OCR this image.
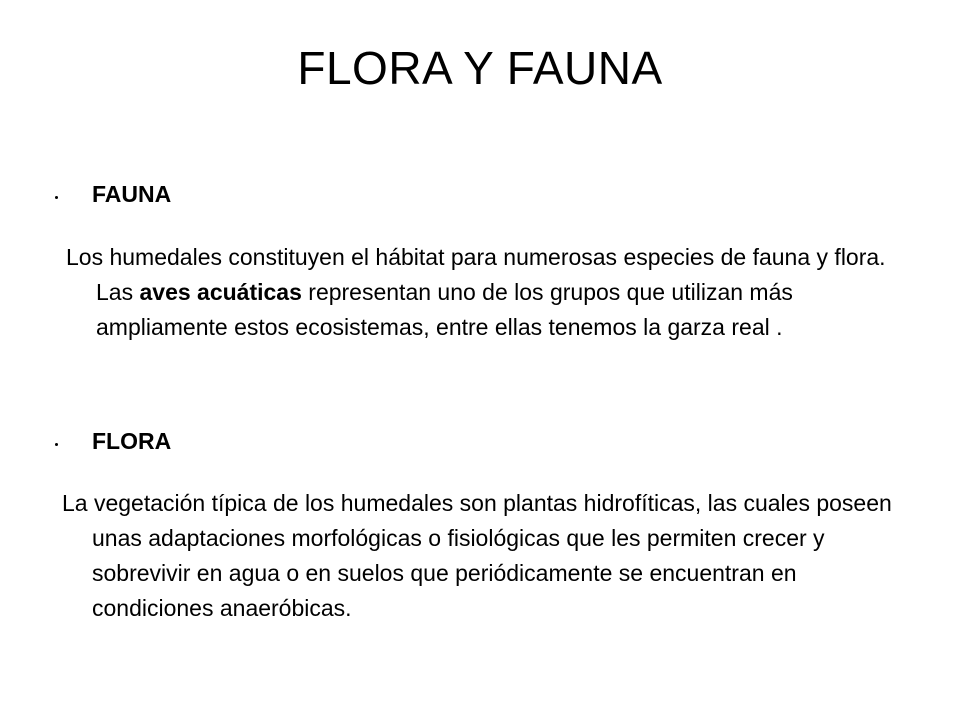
FLORA Y FAUNA
FAUNA
Los humedales constituyen el hábitat para numerosas especies de fauna y flora. Las aves acuáticas representan uno de los grupos que utilizan más ampliamente estos ecosistemas, entre ellas tenemos la garza real .
FLORA
La vegetación típica de los humedales son plantas hidrofíticas, las cuales poseen unas adaptaciones morfológicas o fisiológicas que les permiten crecer y sobrevivir en agua o en suelos que periódicamente se encuentran en condiciones anaeróbicas.
